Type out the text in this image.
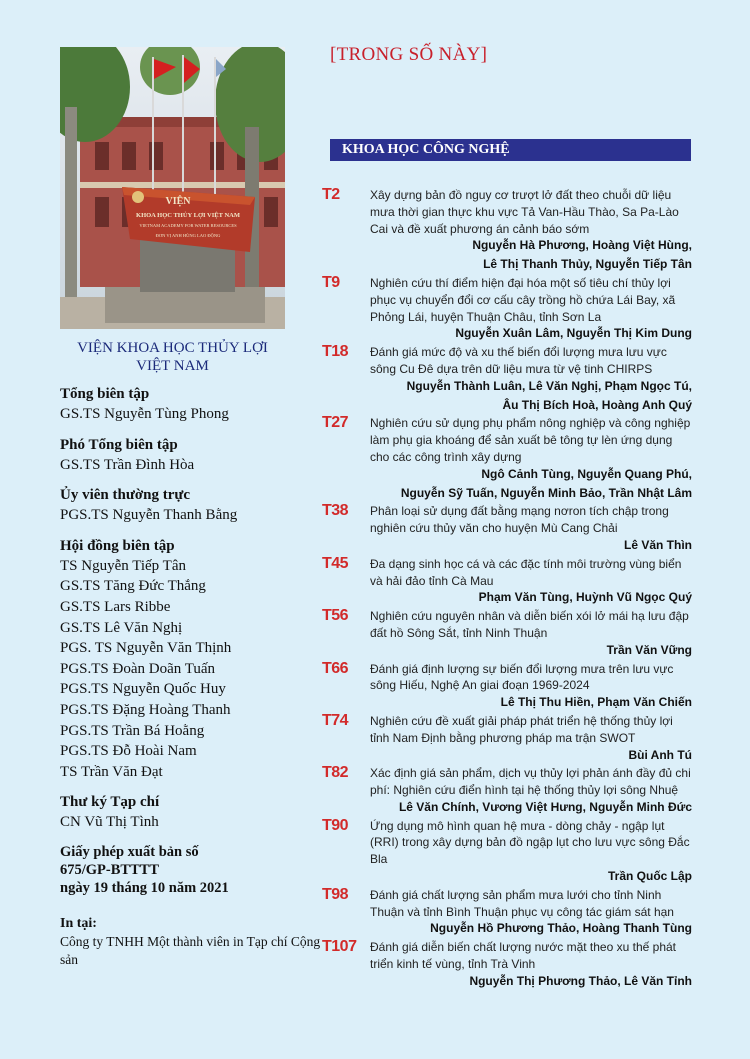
VIỆN
KHOA HỌC THỦY LỢI VIỆT NAM
VIETNAM ACADEMY FOR WATER RESOURCES
ĐƠN VỊ ANH HÙNG LAO ĐỘNG
VIỆN KHOA HỌC THỦY LỢI VIỆT NAM
Tổng biên tập
GS.TS Nguyễn Tùng Phong
Phó Tổng biên tập
GS.TS Trần Đình Hòa
Ủy viên thường trực
PGS.TS Nguyễn Thanh Bằng
Hội đồng biên tập
TS Nguyễn Tiếp Tân
GS.TS Tăng Đức Thắng
GS.TS Lars Ribbe
GS.TS Lê Văn Nghị
PGS. TS Nguyễn Văn Thịnh
PGS.TS Đoàn Doãn Tuấn
PGS.TS Nguyễn Quốc Huy
PGS.TS Đặng Hoàng Thanh
PGS.TS Trần Bá Hoằng
PGS.TS Đỗ Hoài Nam
TS Trần Văn Đạt
Thư ký Tạp chí
CN Vũ Thị Tình
Giấy phép xuất bản số
675/GP-BTTTT
ngày 19 tháng 10 năm 2021
In tại:
Công ty TNHH Một thành viên in Tạp chí Cộng sản
[TRONG SỐ NÀY]
KHOA HỌC CÔNG NGHỆ
T2	Xây dựng bản đồ nguy cơ trượt lở đất theo chuỗi dữ liệu mưa thời gian thực khu vực Tả Van-Hầu Thào, Sa Pa-Lào Cai và đề xuất phương án cảnh báo sớm
Nguyễn Hà Phương, Hoàng Việt Hùng,
Lê Thị Thanh Thủy, Nguyễn Tiếp Tân
T9	Nghiên cứu thí điểm hiện đại hóa một số tiêu chí thủy lợi phục vụ chuyển đổi cơ cấu cây trồng hồ chứa Lái Bay, xã Phỏng Lái, huyện Thuận Châu, tỉnh Sơn La
Nguyễn Xuân Lâm, Nguyễn Thị Kim Dung
T18 Đánh giá mức độ và xu thế biến đổi lượng mưa lưu vực sông Cu Đê dựa trên dữ liệu mưa từ vệ tinh CHIRPS
Nguyễn Thành Luân, Lê Văn Nghị, Phạm Ngọc Tú,
Âu Thị Bích Hoà, Hoàng Anh Quý
T27 Nghiên cứu sử dụng phụ phẩm nông nghiệp và công nghiệp làm phụ gia khoáng để sản xuất bê tông tự lèn ứng dụng cho các công trình xây dựng
Ngô Cảnh Tùng, Nguyễn Quang Phú,
Nguyễn Sỹ Tuấn, Nguyễn Minh Bảo, Trần Nhật Lâm
T38 Phân loại sử dụng đất bằng mạng nơron tích chập trong nghiên cứu thủy văn cho huyện Mù Cang Chải
Lê Văn Thìn
T45 Đa dạng sinh học cá và các đặc tính môi trường vùng biển và hải đảo tỉnh Cà Mau
Phạm Văn Tùng, Huỳnh Vũ Ngọc Quý
T56 Nghiên cứu nguyên nhân và diễn biến xói lở mái hạ lưu đập đất hồ Sông Sắt, tỉnh Ninh Thuận
Trần Văn Vững
T66 Đánh giá định lượng sự biến đổi lượng mưa trên lưu vực sông Hiếu, Nghệ An giai đoạn 1969-2024
Lê Thị Thu Hiền, Phạm Văn Chiến
T74 Nghiên cứu đề xuất giải pháp phát triển hệ thống thủy lợi tỉnh Nam Định bằng phương pháp ma trận SWOT
Bùi Anh Tú
T82 Xác định giá sản phẩm, dịch vụ thủy lợi phản ánh đầy đủ chi phí: Nghiên cứu điển hình tại hệ thống thủy lợi sông Nhuệ
Lê Văn Chính, Vương Việt Hưng, Nguyễn Minh Đức
T90 Ứng dụng mô hình quan hệ mưa - dòng chảy - ngập lụt (RRI) trong xây dựng bản đồ ngập lụt cho lưu vực sông Đắc Bla
Trần Quốc Lập
T98 Đánh giá chất lượng sản phẩm mưa lưới cho tỉnh Ninh Thuận và tỉnh Bình Thuận phục vụ công tác giám sát hạn
Nguyễn Hồ Phương Thảo, Hoàng Thanh Tùng
T107 Đánh giá diễn biến chất lượng nước mặt theo xu thế phát triển kinh tế vùng, tỉnh Trà Vinh
Nguyễn Thị Phương Thảo, Lê Văn Tỉnh
